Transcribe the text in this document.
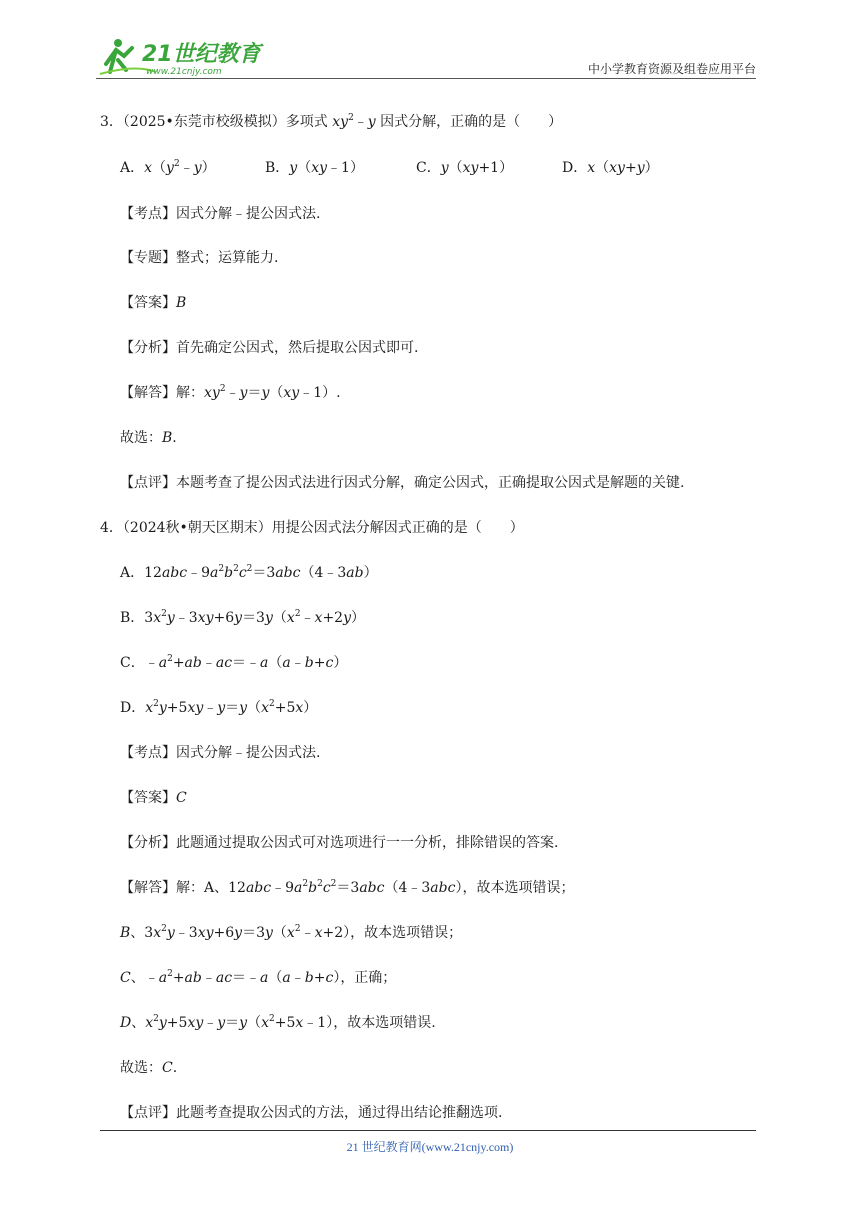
21世纪教育
www.21cnjy.com	中小学教育资源及组卷应用平台
3．（2025•东莞市校级模拟）多项式 $xy^2﹣y$ 因式分解，正确的是（　　）
A．$x(y^2﹣y)$	B．y（xy﹣1）	C．y（xy+1）	D．x（xy+y）
【考点】因式分解﹣提公因式法.
【专题】整式；运算能力.
【答案】B
【分析】首先确定公因式，然后提取公因式即可.
【解答】解：$xy^2﹣y=y(xy﹣1)$.
故选：B.
【点评】本题考查了提公因式法进行因式分解，确定公因式，正确提取公因式是解题的关键.
4．（2024秋•朝天区期末）用提公因式法分解因式正确的是（　　）
A．$12abc﹣9a^2b^2c^2=3abc(4﹣3ab)$
B．$3x^2y﹣3xy+6y=3y(x^2﹣x+2y)$
C．$﹣a^2+ab﹣ac=﹣a(a﹣b+c)$
D．$x^2y+5xy﹣y=y(x^2+5x)$
【考点】因式分解﹣提公因式法.
【答案】C
【分析】此题通过提取公因式可对选项进行一一分析，排除错误的答案.
【解答】解：A、$12abc﹣9a^2b^2c^2=3abc(4﹣3abc)$，故本选项错误；
B、$3x^2y﹣3xy+6y=3y(x^2﹣x+2)$，故本选项错误；
C、$﹣a^2+ab﹣ac=﹣a(a﹣b+c)$，正确；
D、$x^2y+5xy﹣y=y(x^2+5x﹣1)$，故本选项错误.
故选：C.
【点评】此题考查提取公因式的方法，通过得出结论推翻选项.
21 世纪教育网(www.21cnjy.com)
